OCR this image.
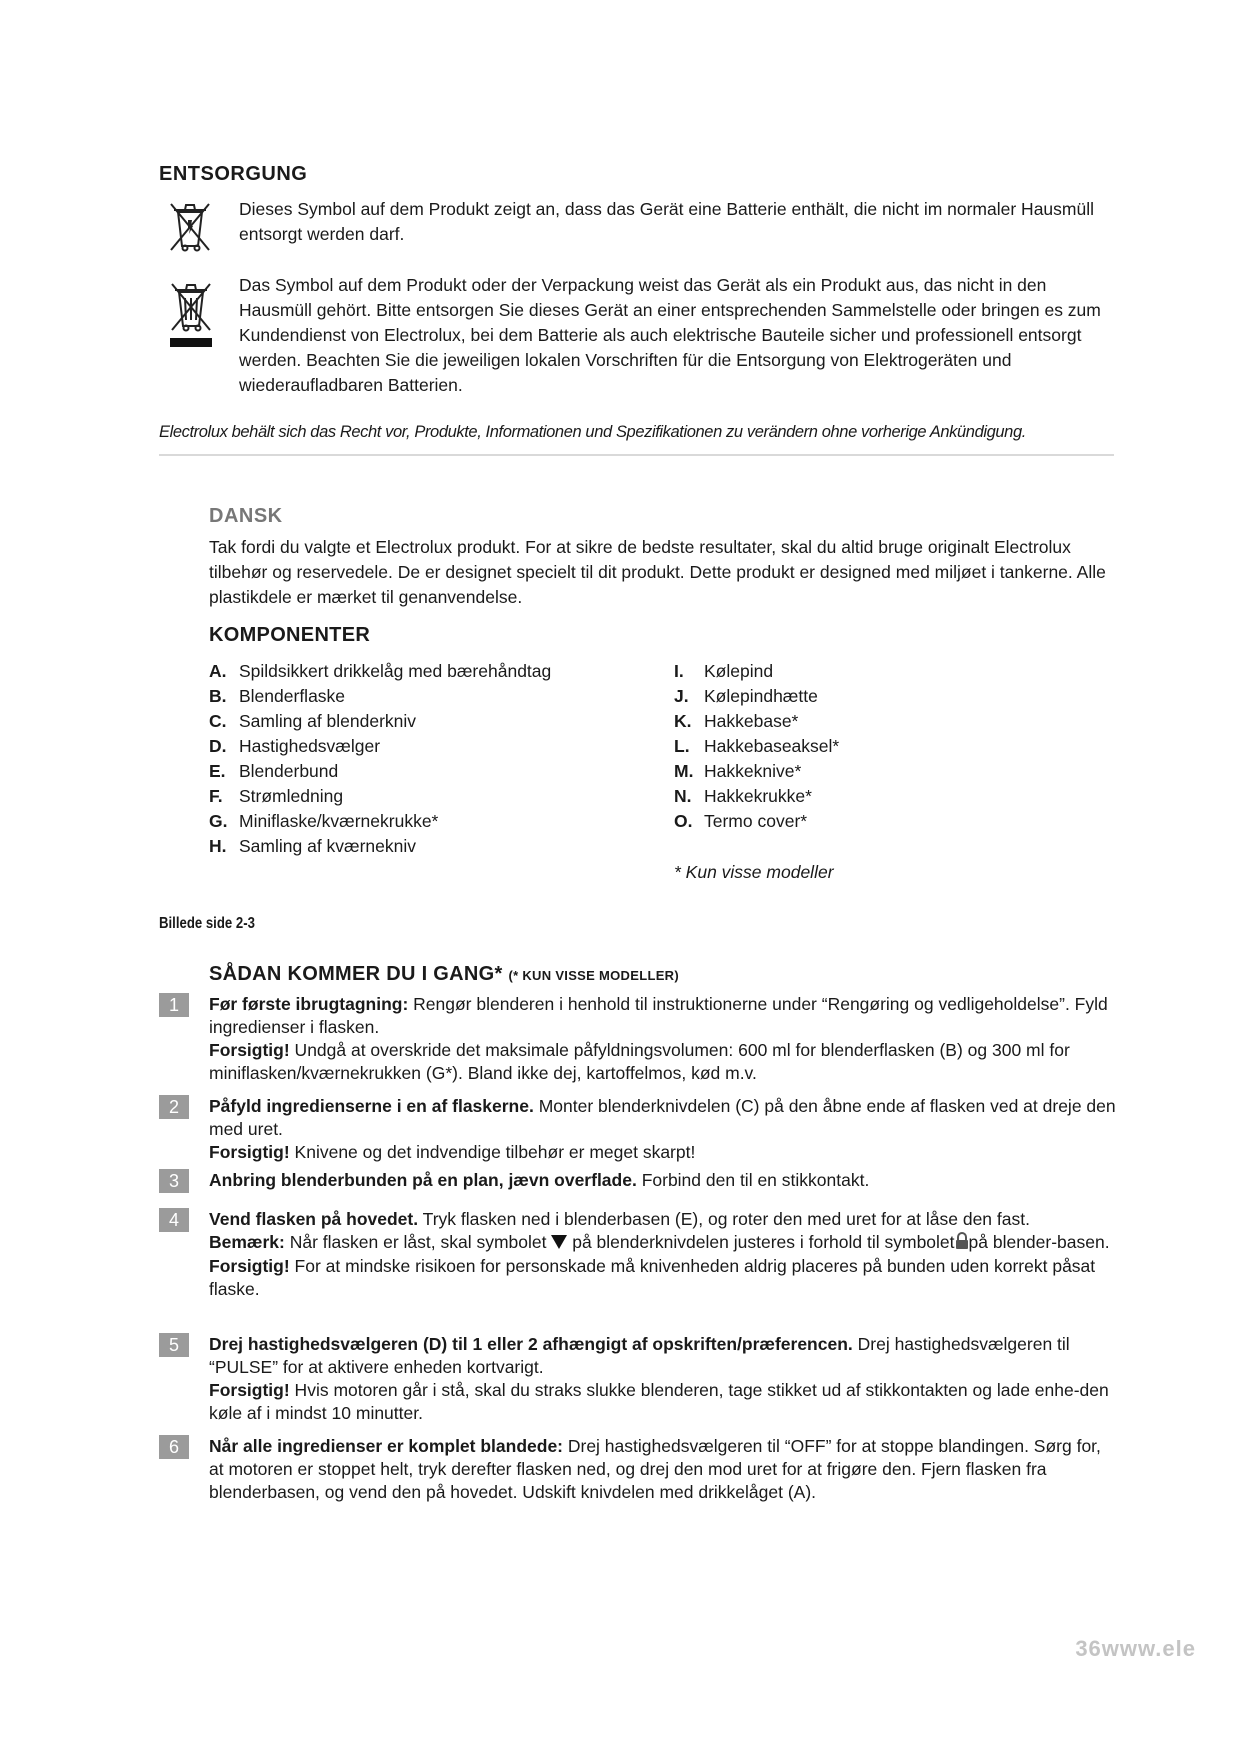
ENTSORGUNG
Dieses Symbol auf dem Produkt zeigt an, dass das Gerät eine Batterie enthält, die nicht im normaler Hausmüll entsorgt werden darf.
Das Symbol auf dem Produkt oder der Verpackung weist das Gerät als ein Produkt aus, das nicht in den Hausmüll gehört. Bitte entsorgen Sie dieses Gerät an einer entsprechenden Sammelstelle oder bringen es zum Kundendienst von Electrolux, bei dem Batterie als auch elektrische Bauteile sicher und professionell entsorgt werden. Beachten Sie die jeweiligen lokalen Vorschriften für die Entsorgung von Elektrogeräten und wiederaufladbaren Batterien.
Electrolux behält sich das Recht vor, Produkte, Informationen und Spezifikationen zu verändern ohne vorherige Ankündigung.
DANSK
Tak fordi du valgte et Electrolux produkt. For at sikre de bedste resultater, skal du altid bruge originalt Electrolux tilbehør og reservedele. De er designet specielt til dit produkt. Dette produkt er designed med miljøet i tankerne. Alle plastikdele er mærket til genanvendelse.
KOMPONENTER
A. Spildsikkert drikkelåg med bærehåndtag
B. Blenderflaske
C. Samling af blenderkniv
D. Hastighedsvælger
E. Blenderbund
F. Strømledning
G. Miniflaske/kværnekrukke*
H. Samling af kværnekniv
I. Kølepind
J. Kølepindhætte
K. Hakkebase*
L. Hakkebaseaksel*
M. Hakkeknive*
N. Hakkekrukke*
O. Termo cover*
* Kun visse modeller
Billede side 2-3
SÅDAN KOMMER DU I GANG* (* KUN VISSE MODELLER)
1	Før første ibrugtagning: Rengør blenderen i henhold til instruktionerne under “Rengøring og vedligeholdelse”. Fyld ingredienser i flasken.

Forsigtig! Undgå at overskride det maksimale påfyldningsvolumen: 600 ml for blenderflasken (B) og 300 ml for miniflasken/kværnekrukken (G*). Bland ikke dej, kartoffelmos, kød m.v.

2	Påfyld ingredienserne i en af flaskerne. Monter blenderknivdelen (C) på den åbne ende af flasken ved at dreje den med uret.

Forsigtig! Knivene og det indvendige tilbehør er meget skarpt!

3	Anbring blenderbunden på en plan, jævn overflade. Forbind den til en stikkontakt.

4	Vend flasken på hovedet. Tryk flasken ned i blenderbasen (E), og roter den med uret for at låse den fast.

Bemærk: Når flasken er låst, skal symbolet  på blenderknivdelen justeres i forhold til symbolet på blender-basen.

Forsigtig! For at mindske risikoen for personskade må knivenheden aldrig placeres på bunden uden korrekt påsat flaske.

5	Drej hastighedsvælgeren (D) til 1 eller 2 afhængigt af opskriften/præferencen. Drej hastighedsvælgeren til “PULSE” for at aktivere enheden kortvarigt.

Forsigtig! Hvis motoren går i stå, skal du straks slukke blenderen, tage stikket ud af stikkontakten og lade enhe-den køle af i mindst 10 minutter.

6	Når alle ingredienser er komplet blandede: Drej hastighedsvælgeren til “OFF” for at stoppe blandingen. Sørg for, at motoren er stoppet helt, tryk derefter flasken ned, og drej den mod uret for at frigøre den. Fjern flasken fra blenderbasen, og vend den på hovedet. Udskift knivdelen med drikkelåget (A).

36www.ele
